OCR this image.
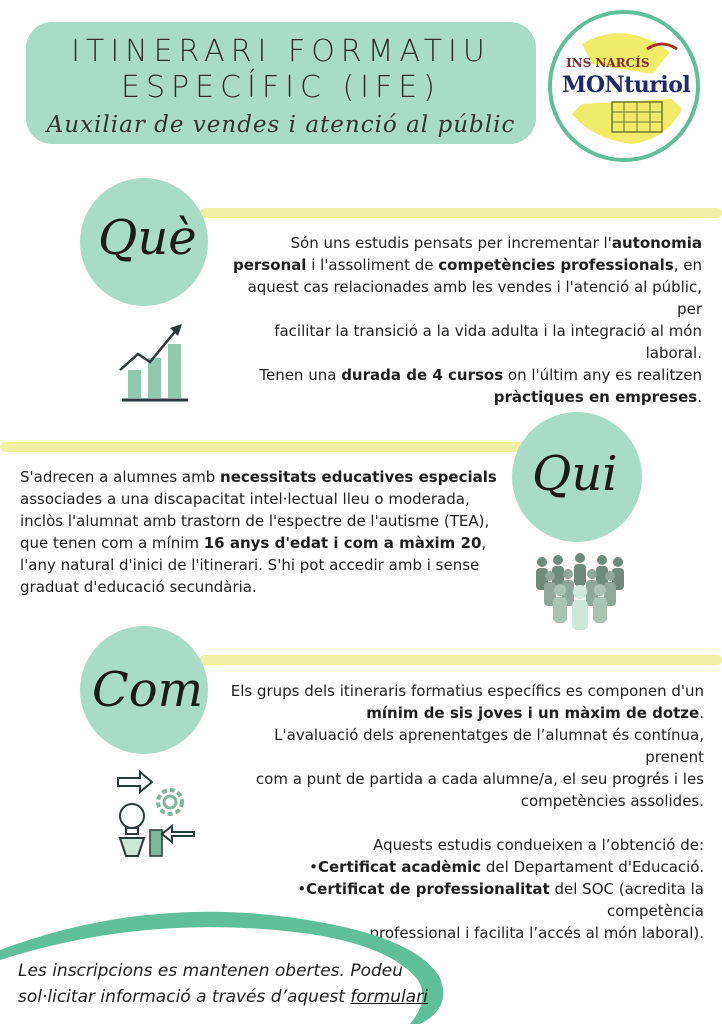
ITINERARI FORMATIU
ESPECÍFIC (IFE)
Auxiliar de vendes i atenció al públic
INS NARCÍS
MONturiol
Què	Són uns estudis pensats per incrementar l'autonomia
personal i l'assoliment de competències professionals, en
aquest cas relacionades amb les vendes i l'atenció al públic, per
facilitar la transició a la vida adulta i la integració al món laboral.
Tenen una durada de 4 cursos on l'últim any es realitzen
pràctiques en empreses.
Qui
S'adrecen a alumnes amb necessitats educatives especials
associades a una discapacitat intel·lectual lleu o moderada,
inclòs l'alumnat amb trastorn de l'espectre de l'autisme (TEA),
que tenen com a mínim 16 anys d'edat i com a màxim 20,
l'any natural d'inici de l'itinerari. S'hi pot accedir amb i sense
graduat d'educació secundària.
Com	Els grups dels itineraris formatius específics es componen d'un
mínim de sis joves i un màxim de dotze.
L'avaluació dels aprenentatges de l’alumnat és contínua, prenent
com a punt de partida a cada alumne/a, el seu progrés i les
competències assolides.
Aquests estudis condueixen a l’obtenció de:
•Certificat acadèmic del Departament d'Educació.
•Certificat de professionalitat del SOC (acredita la competència
professional i facilita l’accés al món laboral).
Les inscripcions es mantenen obertes. Podeu
sol·licitar informació a través d’aquest formulari
